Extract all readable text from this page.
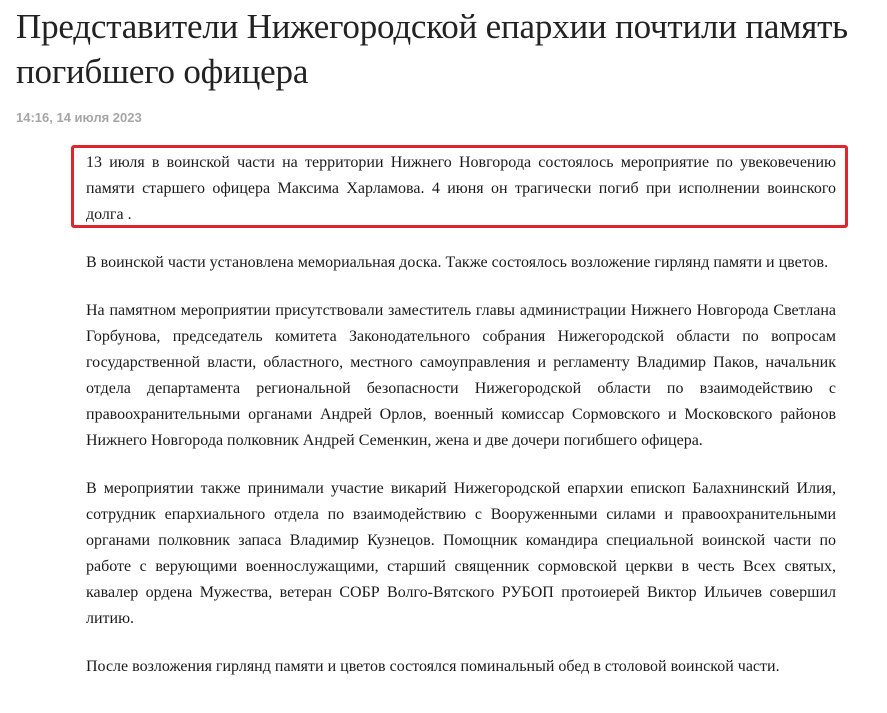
Представители Нижегородской епархии почтили память погибшего офицера
14:16, 14 июля 2023

13 июля в воинской части на территории Нижнего Новгорода состоялось мероприятие по увековечению памяти старшего офицера Максима Харламова. 4 июня он трагически погиб при исполнении воинского долга .

В воинской части установлена мемориальная доска. Также состоялось возложение гирлянд памяти и цветов.

На памятном мероприятии присутствовали заместитель главы администрации Нижнего Новгорода Светлана Горбунова, председатель комитета Законодательного собрания Нижегородской области по вопросам государственной власти, областного, местного самоуправления и регламенту Владимир Паков, начальник отдела департамента региональной безопасности Нижегородской области по взаимодействию с правоохранительными органами Андрей Орлов, военный комиссар Сормовского и Московского районов Нижнего Новгорода полковник Андрей Семенкин, жена и две дочери погибшего офицера.

В мероприятии также принимали участие викарий Нижегородской епархии епископ Балахнинский Илия, сотрудник епархиального отдела по взаимодействию с Вооруженными силами и правоохранительными органами полковник запаса Владимир Кузнецов. Помощник командира специальной воинской части по работе с верующими военнослужащими, старший священник сормовской церкви в честь Всех святых, кавалер ордена Мужества, ветеран СОБР Волго-Вятского РУБОП протоиерей Виктор Ильичев совершил литию.

После возложения гирлянд памяти и цветов состоялся поминальный обед в столовой воинской части.
